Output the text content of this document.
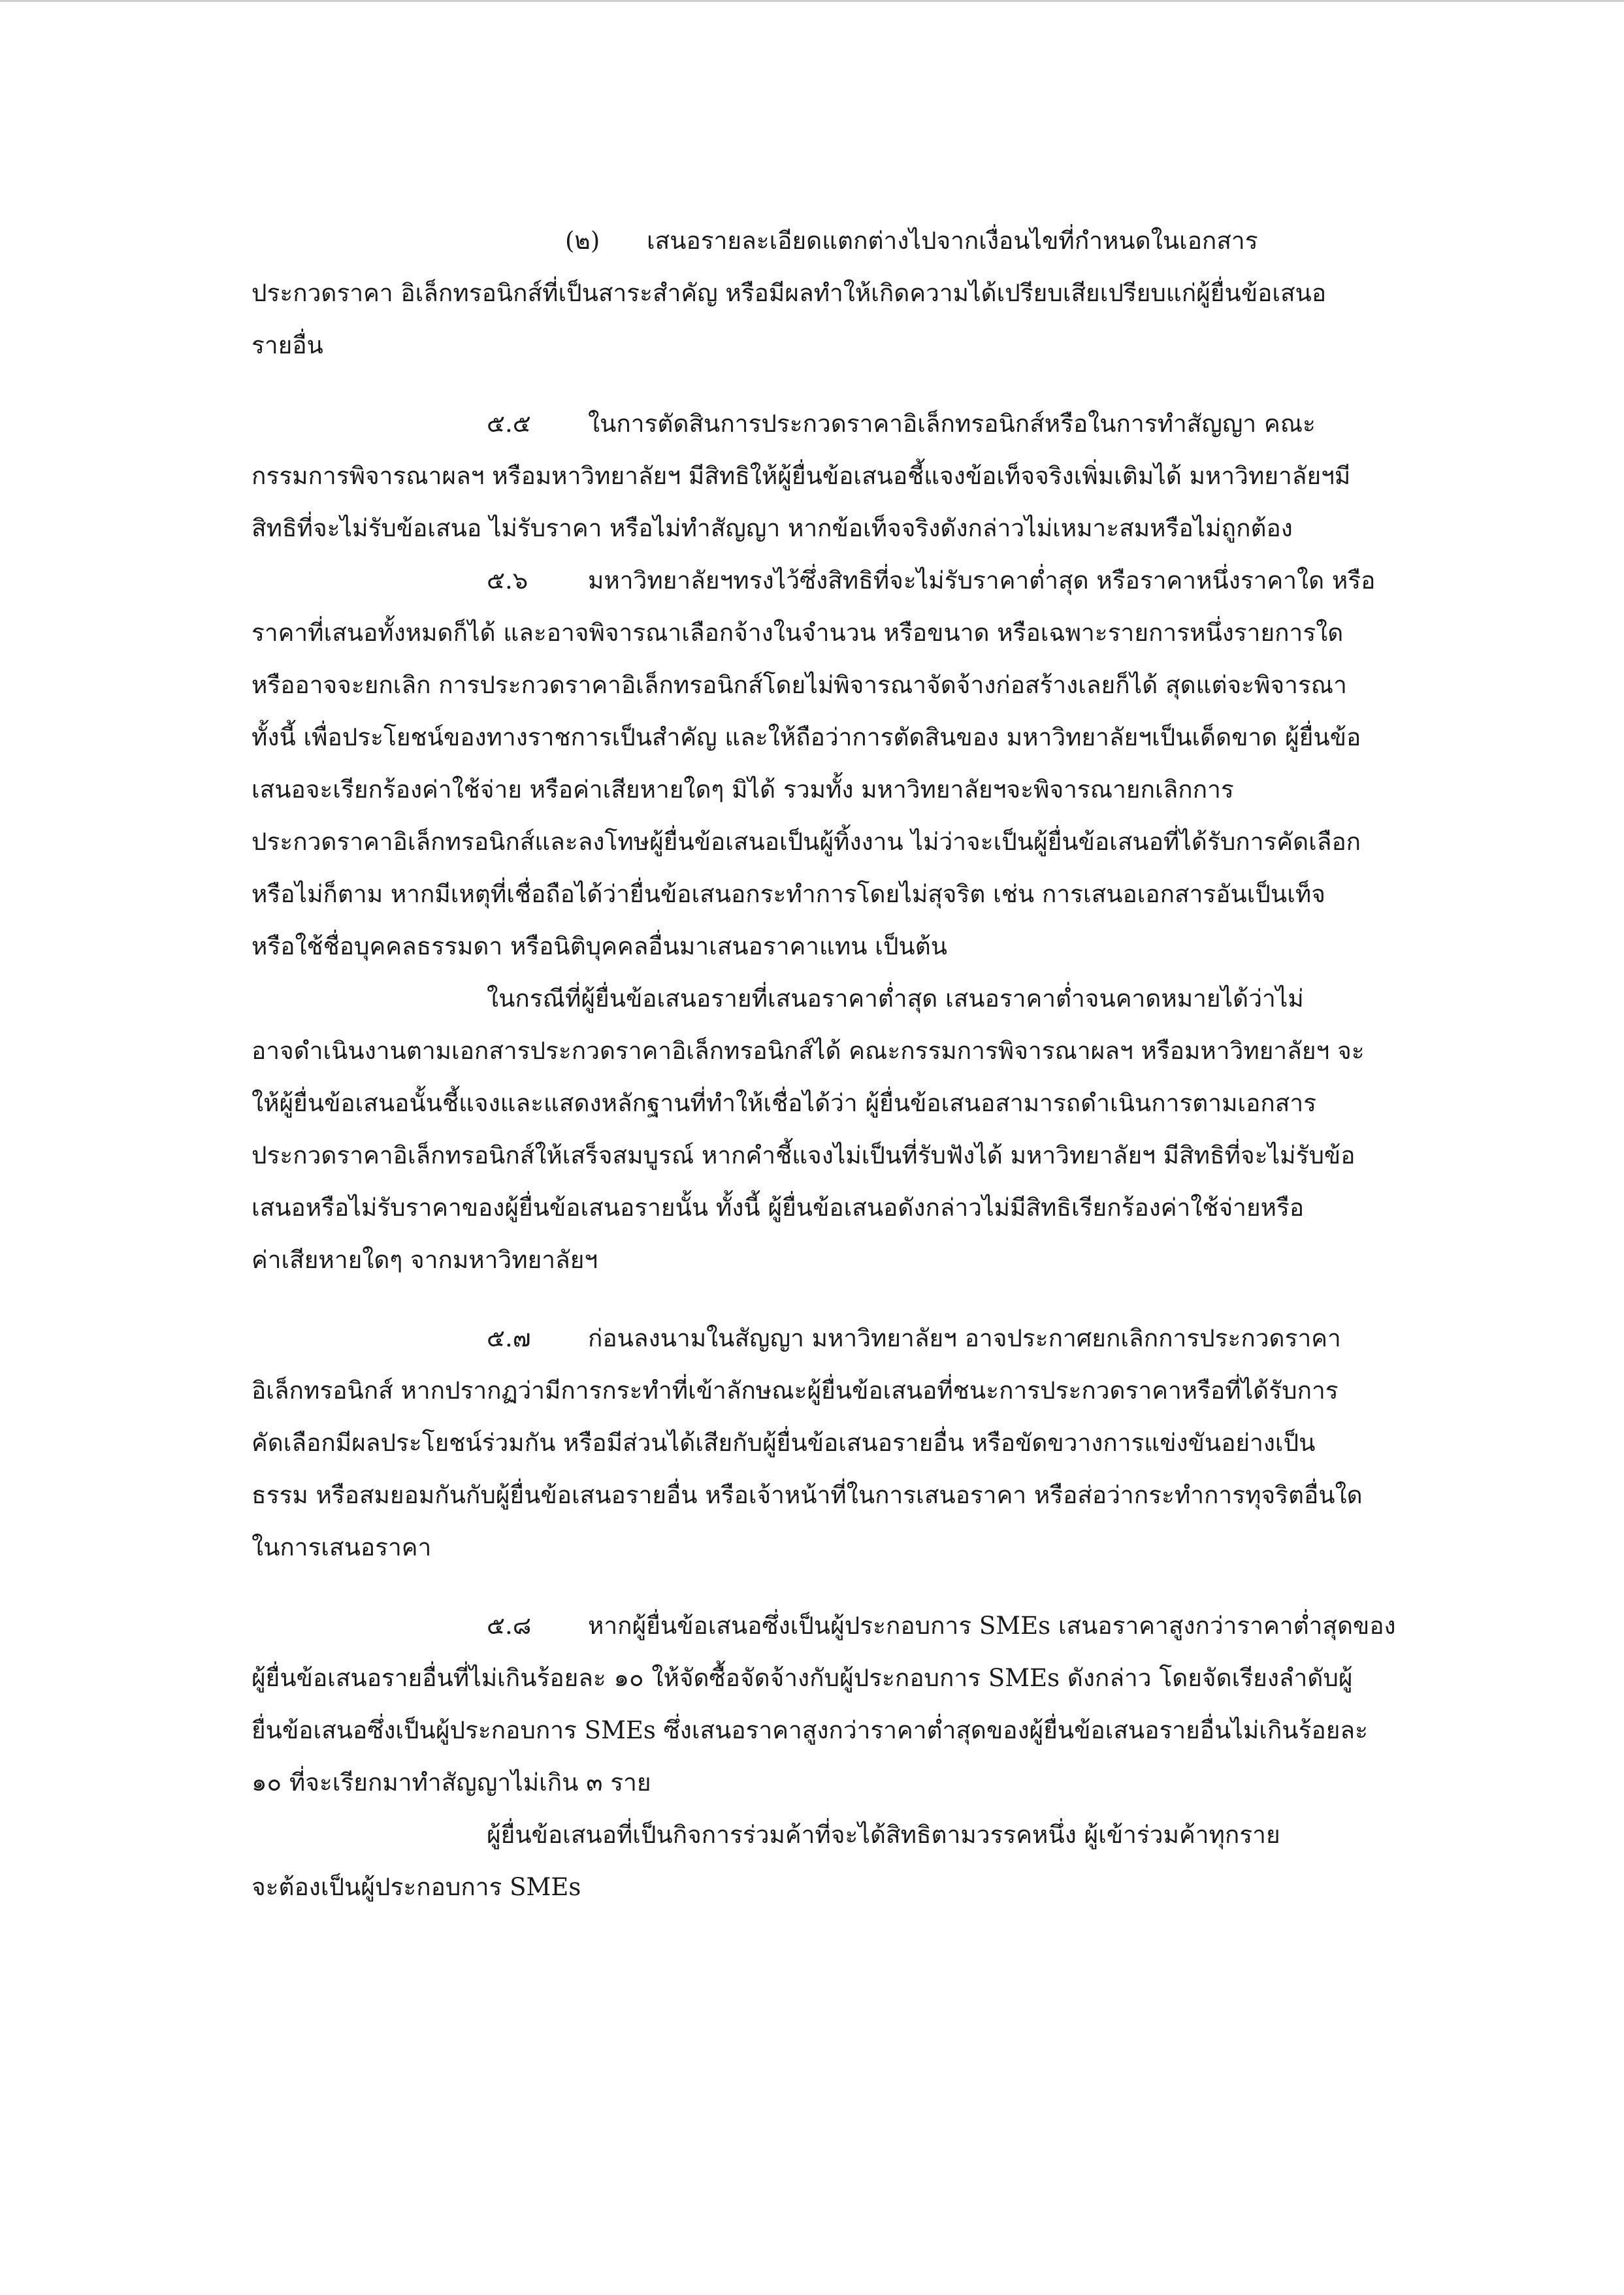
(๒) เสนอรายละเอียดแตกต่างไปจากเงื่อนไขที่กำหนดในเอกสาร
ประกวดราคา อิเล็กทรอนิกส์ที่เป็นสาระสำคัญ หรือมีผลทำให้เกิดความได้เปรียบเสียเปรียบแก่ผู้ยื่นข้อเสนอ
รายอื่น
๕.๕ ในการตัดสินการประกวดราคาอิเล็กทรอนิกส์หรือในการทำสัญญา คณะ
กรรมการพิจารณาผลฯ หรือมหาวิทยาลัยฯ มีสิทธิให้ผู้ยื่นข้อเสนอชี้แจงข้อเท็จจริงเพิ่มเติมได้ มหาวิทยาลัยฯมี
สิทธิที่จะไม่รับข้อเสนอ ไม่รับราคา หรือไม่ทำสัญญา หากข้อเท็จจริงดังกล่าวไม่เหมาะสมหรือไม่ถูกต้อง
๕.๖ มหาวิทยาลัยฯทรงไว้ซึ่งสิทธิที่จะไม่รับราคาต่ำสุด หรือราคาหนึ่งราคาใด หรือ
ราคาที่เสนอทั้งหมดก็ได้ และอาจพิจารณาเลือกจ้างในจำนวน หรือขนาด หรือเฉพาะรายการหนึ่งรายการใด
หรืออาจจะยกเลิก การประกวดราคาอิเล็กทรอนิกส์โดยไม่พิจารณาจัดจ้างก่อสร้างเลยก็ได้ สุดแต่จะพิจารณา
ทั้งนี้ เพื่อประโยชน์ของทางราชการเป็นสำคัญ และให้ถือว่าการตัดสินของ มหาวิทยาลัยฯเป็นเด็ดขาด ผู้ยื่นข้อ
เสนอจะเรียกร้องค่าใช้จ่าย หรือค่าเสียหายใดๆ มิได้ รวมทั้ง มหาวิทยาลัยฯจะพิจารณายกเลิกการ
ประกวดราคาอิเล็กทรอนิกส์และลงโทษผู้ยื่นข้อเสนอเป็นผู้ทิ้งงาน ไม่ว่าจะเป็นผู้ยื่นข้อเสนอที่ได้รับการคัดเลือก
หรือไม่ก็ตาม หากมีเหตุที่เชื่อถือได้ว่ายื่นข้อเสนอกระทำการโดยไม่สุจริต เช่น การเสนอเอกสารอันเป็นเท็จ
หรือใช้ชื่อบุคคลธรรมดา หรือนิติบุคคลอื่นมาเสนอราคาแทน เป็นต้น
ในกรณีที่ผู้ยื่นข้อเสนอรายที่เสนอราคาต่ำสุด เสนอราคาต่ำจนคาดหมายได้ว่าไม่
อาจดำเนินงานตามเอกสารประกวดราคาอิเล็กทรอนิกส์ได้ คณะกรรมการพิจารณาผลฯ หรือมหาวิทยาลัยฯ จะ
ให้ผู้ยื่นข้อเสนอนั้นชี้แจงและแสดงหลักฐานที่ทำให้เชื่อได้ว่า ผู้ยื่นข้อเสนอสามารถดำเนินการตามเอกสาร
ประกวดราคาอิเล็กทรอนิกส์ให้เสร็จสมบูรณ์ หากคำชี้แจงไม่เป็นที่รับฟังได้ มหาวิทยาลัยฯ มีสิทธิที่จะไม่รับข้อ
เสนอหรือไม่รับราคาของผู้ยื่นข้อเสนอรายนั้น ทั้งนี้ ผู้ยื่นข้อเสนอดังกล่าวไม่มีสิทธิเรียกร้องค่าใช้จ่ายหรือ
ค่าเสียหายใดๆ จากมหาวิทยาลัยฯ
๕.๗ ก่อนลงนามในสัญญา มหาวิทยาลัยฯ อาจประกาศยกเลิกการประกวดราคา
อิเล็กทรอนิกส์ หากปรากฏว่ามีการกระทำที่เข้าลักษณะผู้ยื่นข้อเสนอที่ชนะการประกวดราคาหรือที่ได้รับการ
คัดเลือกมีผลประโยชน์ร่วมกัน หรือมีส่วนได้เสียกับผู้ยื่นข้อเสนอรายอื่น หรือขัดขวางการแข่งขันอย่างเป็น
ธรรม หรือสมยอมกันกับผู้ยื่นข้อเสนอรายอื่น หรือเจ้าหน้าที่ในการเสนอราคา หรือส่อว่ากระทำการทุจริตอื่นใด
ในการเสนอราคา
๕.๘ หากผู้ยื่นข้อเสนอซึ่งเป็นผู้ประกอบการ SMEs เสนอราคาสูงกว่าราคาต่ำสุดของ
ผู้ยื่นข้อเสนอรายอื่นที่ไม่เกินร้อยละ ๑๐ ให้จัดซื้อจัดจ้างกับผู้ประกอบการ SMEs ดังกล่าว โดยจัดเรียงลำดับผู้
ยื่นข้อเสนอซึ่งเป็นผู้ประกอบการ SMEs ซึ่งเสนอราคาสูงกว่าราคาต่ำสุดของผู้ยื่นข้อเสนอรายอื่นไม่เกินร้อยละ
๑๐ ที่จะเรียกมาทำสัญญาไม่เกิน ๓ ราย
ผู้ยื่นข้อเสนอที่เป็นกิจการร่วมค้าที่จะได้สิทธิตามวรรคหนึ่ง ผู้เข้าร่วมค้าทุกราย
จะต้องเป็นผู้ประกอบการ SMEs
